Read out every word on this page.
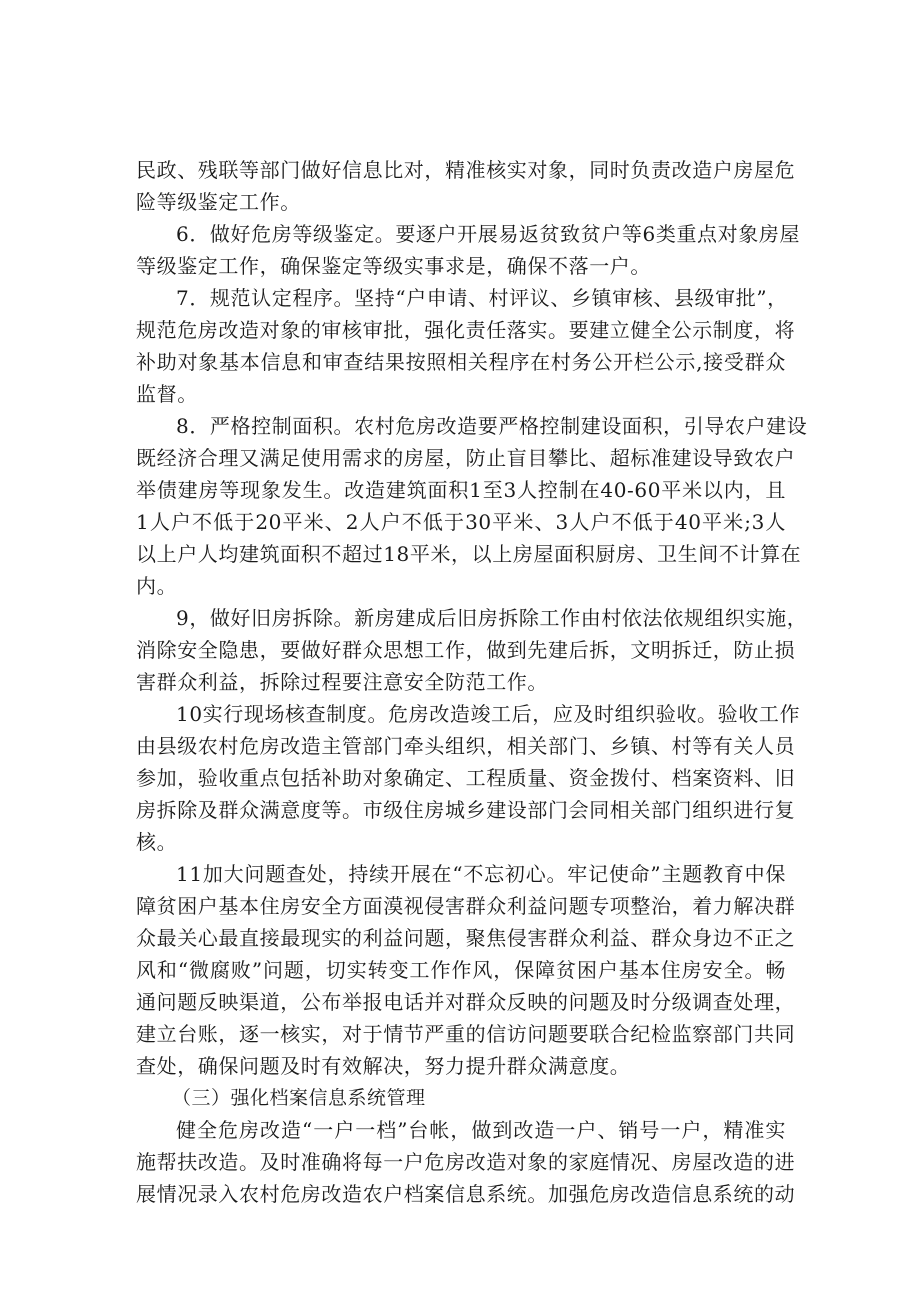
民政、残联等部门做好信息比对，精准核实对象，同时负责改造户房屋危
险等级鉴定工作。

6．做好危房等级鉴定。要逐户开展易返贫致贫户等6类重点对象房屋
等级鉴定工作，确保鉴定等级实事求是，确保不落一户。

7．规范认定程序。坚持“户申请、村评议、乡镇审核、县级审批”，
规范危房改造对象的审核审批，强化责任落实。要建立健全公示制度，将
补助对象基本信息和审查结果按照相关程序在村务公开栏公示,接受群众
监督。

8．严格控制面积。农村危房改造要严格控制建设面积，引导农户建设
既经济合理又满足使用需求的房屋，防止盲目攀比、超标准建设导致农户
举债建房等现象发生。改造建筑面积1至3人控制在40-60平米以内，且
1人户不低于20平米、2人户不低于30平米、3人户不低于40平米;3人
以上户人均建筑面积不超过18平米，以上房屋面积厨房、卫生间不计算在
内。

9，做好旧房拆除。新房建成后旧房拆除工作由村依法依规组织实施，
消除安全隐患，要做好群众思想工作，做到先建后拆，文明拆迁，防止损
害群众利益，拆除过程要注意安全防范工作。

10实行现场核查制度。危房改造竣工后，应及时组织验收。验收工作
由县级农村危房改造主管部门牵头组织，相关部门、乡镇、村等有关人员
参加，验收重点包括补助对象确定、工程质量、资金拨付、档案资料、旧
房拆除及群众满意度等。市级住房城乡建设部门会同相关部门组织进行复
核。

11加大问题查处，持续开展在“不忘初心。牢记使命”主题教育中保
障贫困户基本住房安全方面漠视侵害群众利益问题专项整治，着力解决群
众最关心最直接最现实的利益问题，聚焦侵害群众利益、群众身边不正之
风和“微腐败”问题，切实转变工作作风，保障贫困户基本住房安全。畅
通问题反映渠道，公布举报电话并对群众反映的问题及时分级调查处理，
建立台账，逐一核实，对于情节严重的信访问题要联合纪检监察部门共同
查处，确保问题及时有效解决，努力提升群众满意度。

（三）强化档案信息系统管理

健全危房改造“一户一档”台帐，做到改造一户、销号一户，精准实
施帮扶改造。及时准确将每一户危房改造对象的家庭情况、房屋改造的进
展情况录入农村危房改造农户档案信息系统。加强危房改造信息系统的动
